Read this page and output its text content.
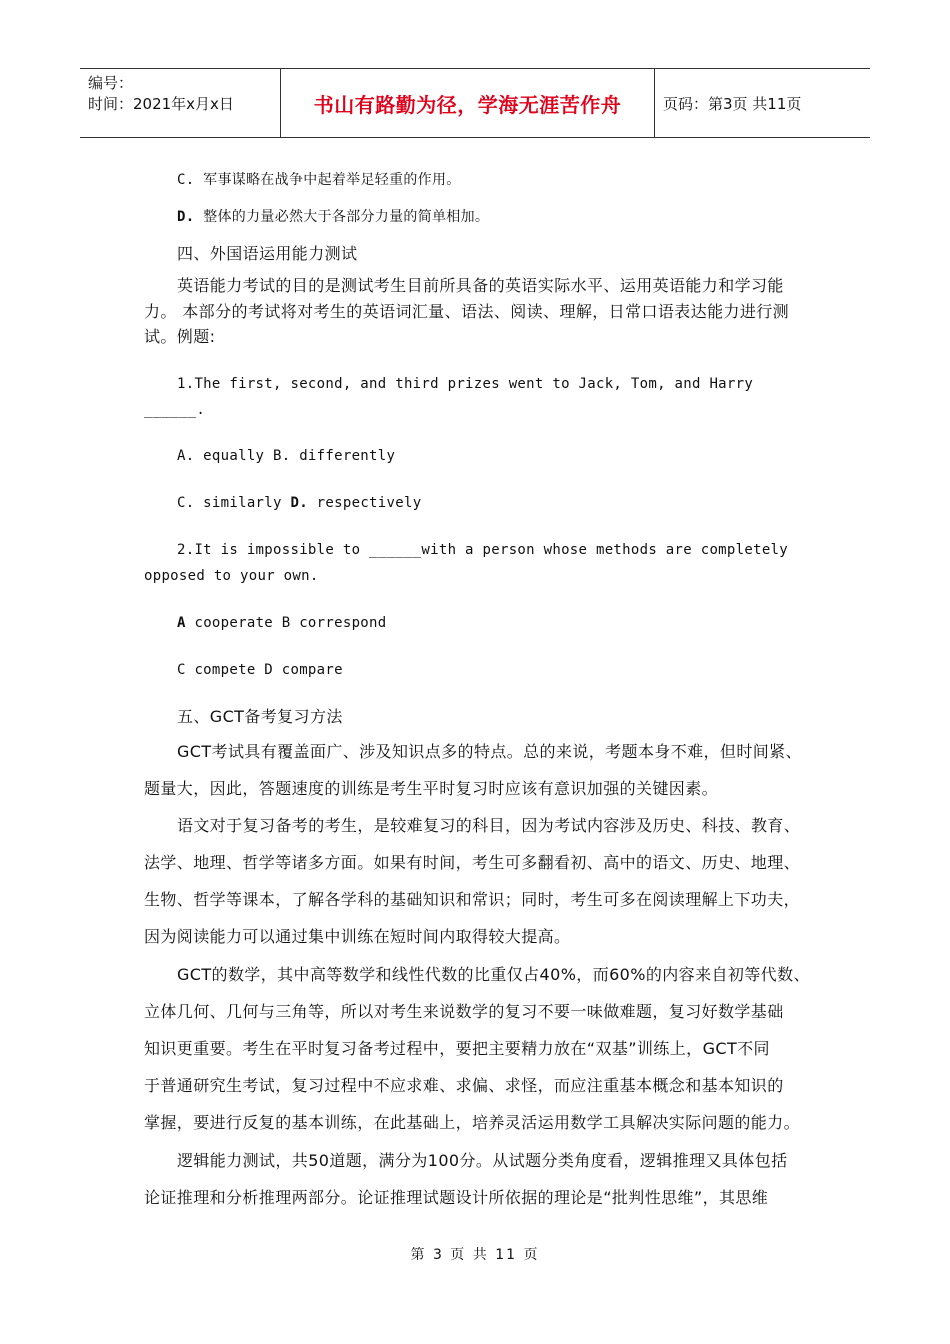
编号：
时间：2021年x月x日	书山有路勤为径，学海无涯苦作舟	页码：第3页 共11页
C. 军事谋略在战争中起着举足轻重的作用。
D. 整体的力量必然大于各部分力量的简单相加。
四、外国语运用能力测试
英语能力考试的目的是测试考生目前所具备的英语实际水平、运用英语能力和学习能
力。 本部分的考试将对考生的英语词汇量、语法、阅读、理解，日常口语表达能力进行测
试。例题:
1.The first, second, and third prizes went to Jack, Tom, and Harry
______.
A. equally B. differently
C. similarly D. respectively
2.It is impossible to ______with a person whose methods are completely
opposed to your own.
A cooperate B correspond
C compete D compare
五、GCT备考复习方法
GCT考试具有覆盖面广、涉及知识点多的特点。总的来说，考题本身不难，但时间紧、
题量大，因此，答题速度的训练是考生平时复习时应该有意识加强的关键因素。
语文对于复习备考的考生，是较难复习的科目，因为考试内容涉及历史、科技、教育、
法学、地理、哲学等诸多方面。如果有时间，考生可多翻看初、高中的语文、历史、地理、
生物、哲学等课本，了解各学科的基础知识和常识；同时，考生可多在阅读理解上下功夫，
因为阅读能力可以通过集中训练在短时间内取得较大提高。
GCT的数学，其中高等数学和线性代数的比重仅占40%，而60%的内容来自初等代数、
立体几何、几何与三角等，所以对考生来说数学的复习不要一味做难题，复习好数学基础
知识更重要。考生在平时复习备考过程中，要把主要精力放在“双基”训练上，GCT不同
于普通研究生考试，复习过程中不应求难、求偏、求怪，而应注重基本概念和基本知识的
掌握，要进行反复的基本训练，在此基础上，培养灵活运用数学工具解决实际问题的能力。
逻辑能力测试，共50道题，满分为100分。从试题分类角度看，逻辑推理又具体包括
论证推理和分析推理两部分。论证推理试题设计所依据的理论是“批判性思维”，其思维
第 3 页 共 11 页
